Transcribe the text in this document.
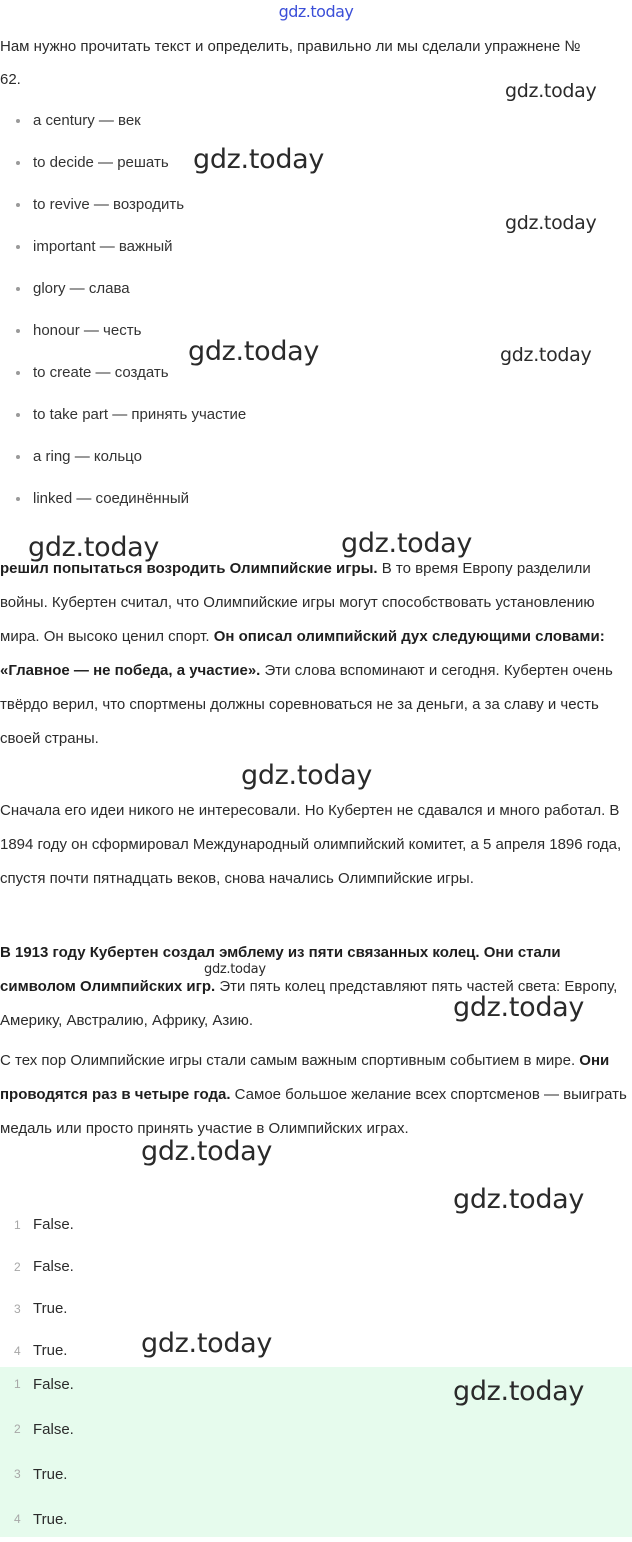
gdz.today

Нам нужно прочитать текст и определить, правильно ли мы сделали упражнене № 62.

a century — век
to decide — решать
to revive — возродить
important — важный
glory — слава
honour — честь
to create — создать
to take part — принять участие
a ring — кольцо
linked — соединённый

решил попытаться возродить Олимпийские игры. В то время Европу разделили войны. Кубертен считал, что Олимпийские игры могут способствовать установлению мира. Он высоко ценил спорт. Он описал олимпийский дух следующими словами: «Главное — не победа, а участие». Эти слова вспоминают и сегодня. Кубертен очень твёрдо верил, что спортмены должны соревноваться не за деньги, а за славу и честь своей страны.

Сначала его идеи никого не интересовали. Но Кубертен не сдавался и много работал. В 1894 году он сформировал Международный олимпийский комитет, а 5 апреля 1896 года, спустя почти пятнадцать веков, снова начались Олимпийские игры.

В 1913 году Кубертен создал эмблему из пяти связанных колец. Они стали символом Олимпийских игр. Эти пять колец представляют пять частей света: Европу, Америку, Австралию, Африку, Азию.

С тех пор Олимпийские игры стали самым важным спортивным событием в мире. Они проводятся раз в четыре года. Самое большое желание всех спортсменов — выиграть медаль или просто принять участие в Олимпийских играх.

1 False.
2 False.
3 True.
4 True.
1 False.
2 False.
3 True.
4 True.
gdz.today
gdz.today
gdz.today
gdz.today	gdz.today
gdz.today	gdz.today
gdz.today
gdz.today
gdz.today
gdz.today
gdz.today
gdz.today
gdz.today
